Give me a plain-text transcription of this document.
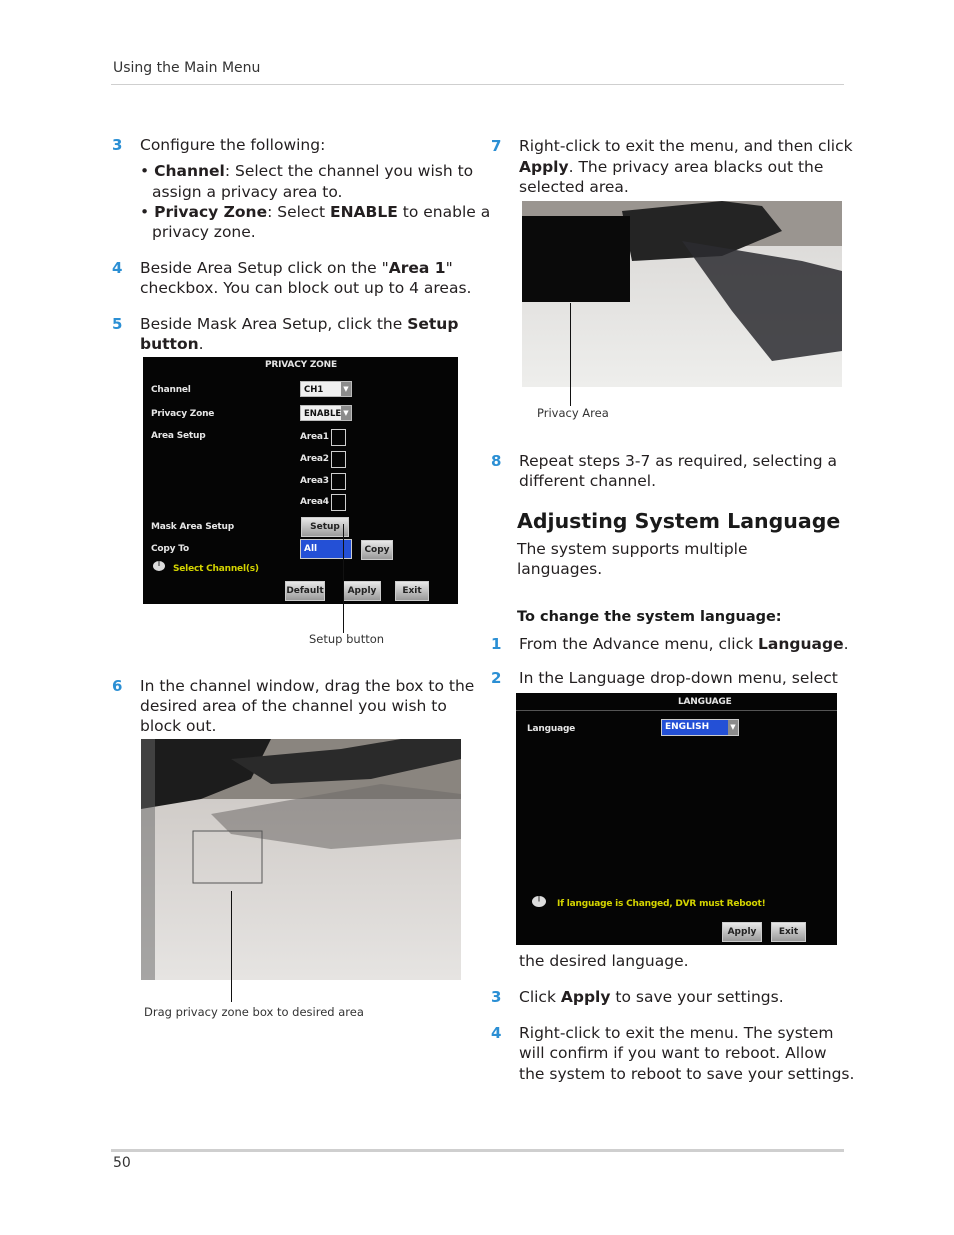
Using the Main Menu
3 Configure the following:
• Channel: Select the channel you wish to
assign a privacy area to.
• Privacy Zone: Select ENABLE to enable a
privacy zone.
4 Beside Area Setup click on the "Area 1"
checkbox. You can block out up to 4 areas.
5 Beside Mask Area Setup, click the Setup
button.
PRIVACY ZONE
Channel	CH1	▼
Privacy Zone	ENABLE ▼
Area Setup	Area1
Area2
Area3
Area4
Mask Area Setup	Setup
Copy To	All	Copy
Select Channel(s)
Default	Apply	Exit
Setup button
6 In the channel window, drag the box to the
desired area of the channel you wish to
block out.
Drag privacy zone box to desired area
7 Right-click to exit the menu, and then click
Apply. The privacy area blacks out the
selected area.
Privacy Area
8 Repeat steps 3-7 as required, selecting a
different channel.
Adjusting System Language
The system supports multiple
languages.
To change the system language:
1 From the Advance menu, click Language.
2 In the Language drop-down menu, select
LANGUAGE
Language	ENGLISH	▼
If language is Changed, DVR must Reboot!
Apply	Exit
the desired language.
3 Click Apply to save your settings.
4 Right-click to exit the menu. The system
will confirm if you want to reboot. Allow
the system to reboot to save your settings.
50
